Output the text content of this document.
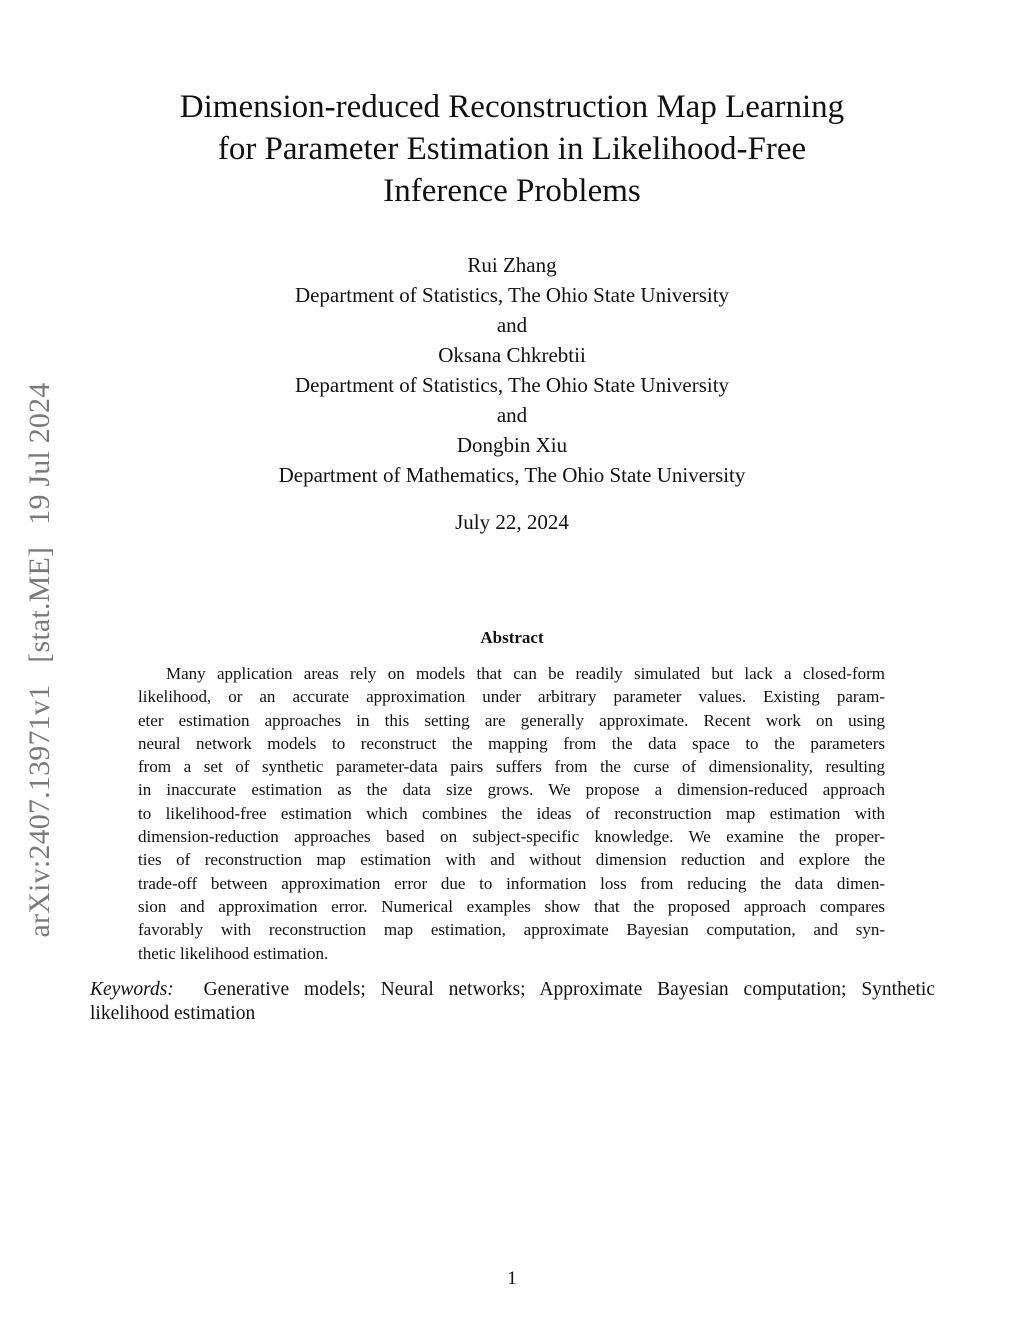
arXiv:2407.13971v1[stat.ME]19 Jul 2024
Dimension-reduced Reconstruction Map Learning
for Parameter Estimation in Likelihood-Free
Inference Problems
Rui Zhang
Department of Statistics, The Ohio State University
and
Oksana Chkrebtii
Department of Statistics, The Ohio State University
and
Dongbin Xiu
Department of Mathematics, The Ohio State University
July 22, 2024
Abstract
Many application areas rely on models that can be readily simulated but lack a closed-form
likelihood, or an accurate approximation under arbitrary parameter values. Existing param-
eter estimation approaches in this setting are generally approximate. Recent work on using
neural network models to reconstruct the mapping from the data space to the parameters
from a set of synthetic parameter-data pairs suffers from the curse of dimensionality, resulting
in inaccurate estimation as the data size grows. We propose a dimension-reduced approach
to likelihood-free estimation which combines the ideas of reconstruction map estimation with
dimension-reduction approaches based on subject-specific knowledge. We examine the proper-
ties of reconstruction map estimation with and without dimension reduction and explore the
trade-off between approximation error due to information loss from reducing the data dimen-
sion and approximation error. Numerical examples show that the proposed approach compares
favorably with reconstruction map estimation, approximate Bayesian computation, and syn-
thetic likelihood estimation.
Keywords: Generative models; Neural networks; Approximate Bayesian computation; Synthetic
likelihood estimation
1
